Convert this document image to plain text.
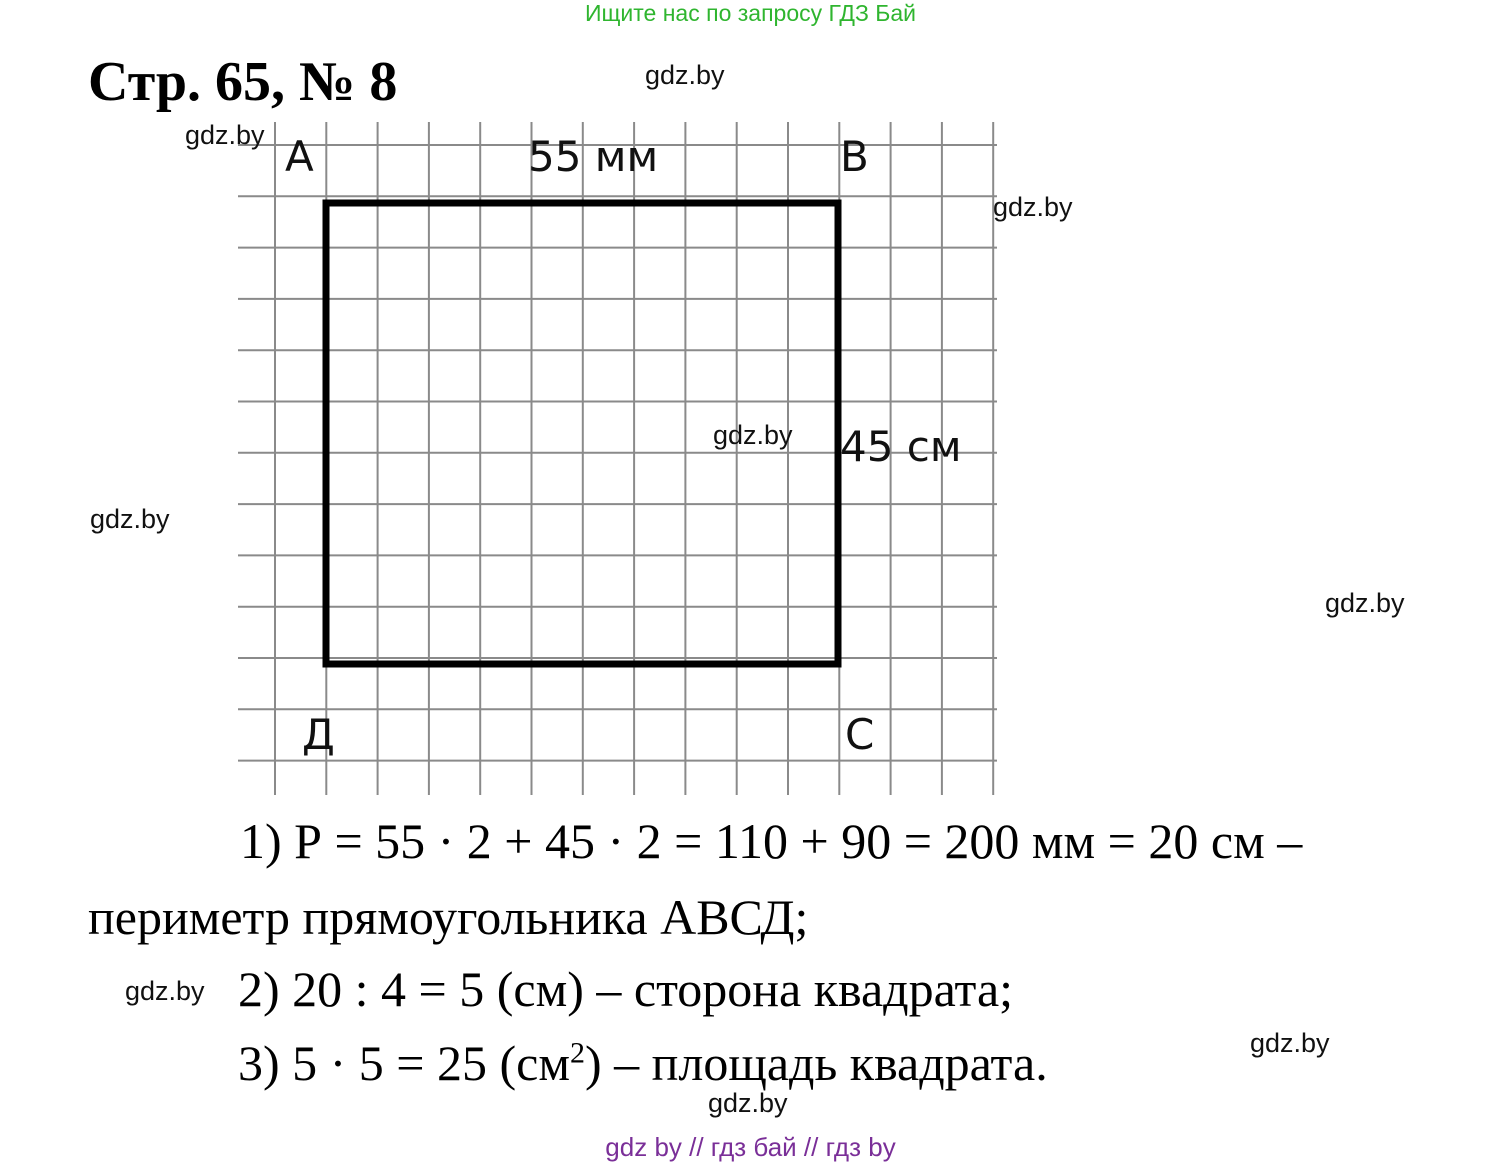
Ищите нас по запросу ГДЗ Бай
Стр. 65, № 8
А	В
С
Д
55 мм
45 см
gdz.by
gdz.by
gdz.by
gdz.by
gdz.by
gdz.by
gdz.by
gdz.by
gdz.by
1) Р = 55 · 2 + 45 · 2 = 110 + 90 = 200 мм = 20 см –
периметр прямоугольника АВСД;
2) 20 : 4 = 5 (см) – сторона квадрата;
3) 5 · 5 = 25 $(см^2)$ – площадь квадрата.
gdz by // гдз бай // гдз by
